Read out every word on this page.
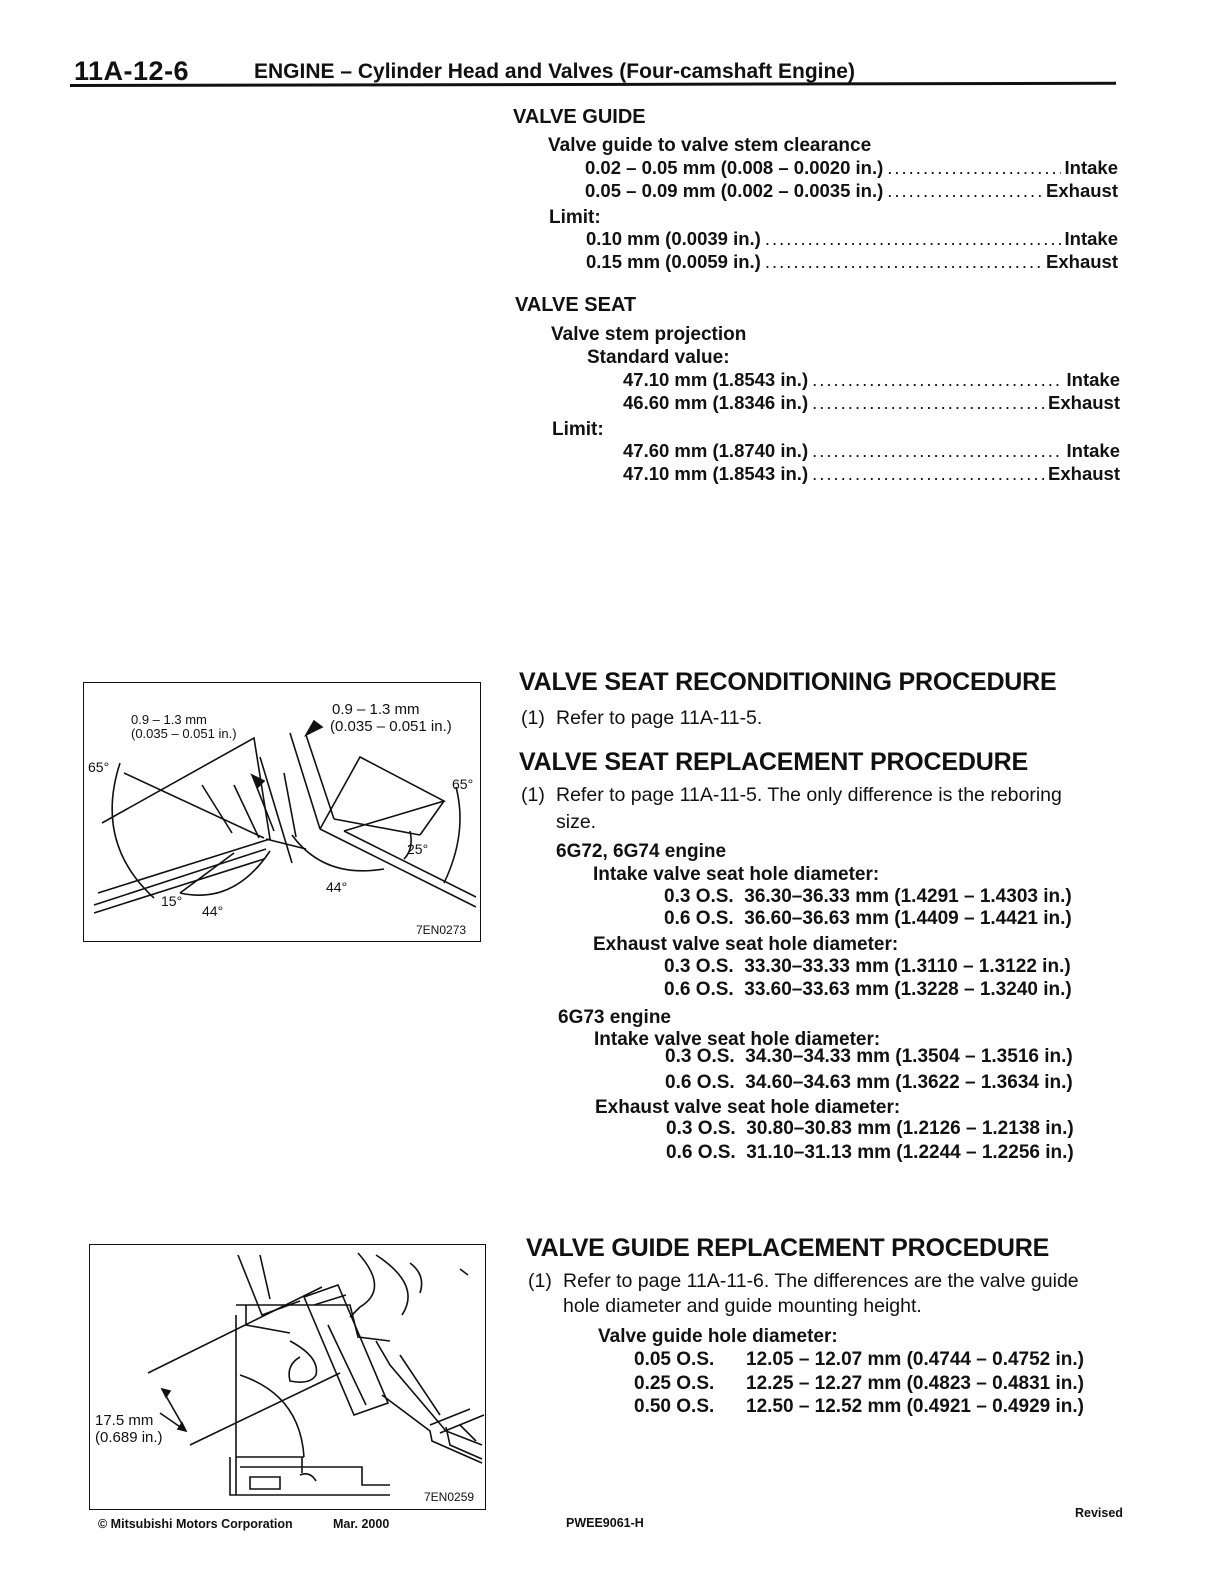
11A-12-6	ENGINE – Cylinder Head and Valves (Four-camshaft Engine)
VALVE GUIDE
Valve guide to valve stem clearance
0.02 – 0.05 mm (0.008 – 0.0020 in.) .....	Intake
0.05 – 0.09 mm (0.002 – 0.0035 in.) .....	Exhaust
Limit:
0.10 mm (0.0039 in.) .....	Intake
0.15 mm (0.0059 in.) .....	Exhaust
VALVE SEAT
Valve stem projection
Standard value:
47.10 mm (1.8543 in.) .....	Intake
46.60 mm (1.8346 in.) .....	Exhaust
Limit:
47.60 mm (1.8740 in.) .....	Intake
47.10 mm (1.8543 in.) .....	Exhaust
0.9 – 1.3 mm
(0.035 – 0.051 in.)
0.9 – 1.3 mm
(0.035 – 0.051 in.)
65°
65°
15°
44°
44°
25°
7EN0273
VALVE SEAT RECONDITIONING PROCEDURE
(1) Refer to page 11A-11-5.
VALVE SEAT REPLACEMENT PROCEDURE
(1) Refer to page 11A-11-5. The only difference is the reboring
size.
6G72, 6G74 engine
Intake valve seat hole diameter:
0.3 O.S. 36.30–36.33 mm (1.4291 – 1.4303 in.)
0.6 O.S. 36.60–36.63 mm (1.4409 – 1.4421 in.)
Exhaust valve seat hole diameter:
0.3 O.S. 33.30–33.33 mm (1.3110 – 1.3122 in.)
0.6 O.S. 33.60–33.63 mm (1.3228 – 1.3240 in.)
6G73 engine
Intake valve seat hole diameter:
0.3 O.S. 34.30–34.33 mm (1.3504 – 1.3516 in.)
0.6 O.S. 34.60–34.63 mm (1.3622 – 1.3634 in.)
Exhaust valve seat hole diameter:
0.3 O.S. 30.80–30.83 mm (1.2126 – 1.2138 in.)
0.6 O.S. 31.10–31.13 mm (1.2244 – 1.2256 in.)
17.5 mm
(0.689 in.)
7EN0259
VALVE GUIDE REPLACEMENT PROCEDURE
(1) Refer to page 11A-11-6. The differences are the valve guide
hole diameter and guide mounting height.
Valve guide hole diameter:
0.05 O.S. 12.05 – 12.07 mm (0.4744 – 0.4752 in.)
0.25 O.S. 12.25 – 12.27 mm (0.4823 – 0.4831 in.)
0.50 O.S. 12.50 – 12.52 mm (0.4921 – 0.4929 in.)
© Mitsubishi Motors Corporation	Mar. 2000	PWEE9061-H
Revised
